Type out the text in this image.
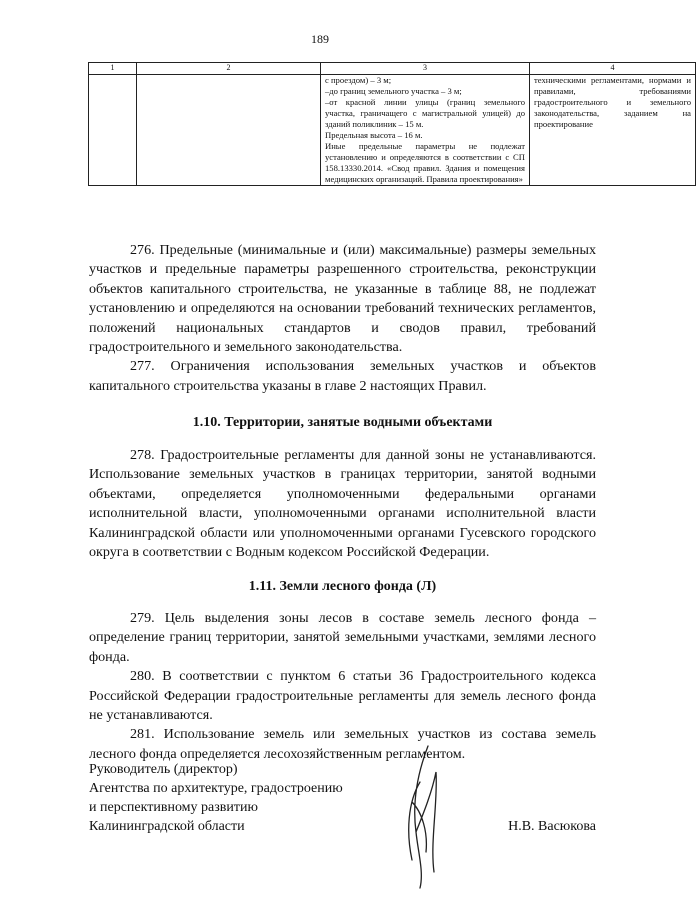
189
1	2	3	4

		с проездом) – 3 м;

–до границ земельного участка – 3 м;

–от красной линии улицы (границ земельного участка, граничащего с магистральной улицей) до зданий поликлиник – 15 м.

Предельная высота – 16 м.

Иные предельные параметры не подлежат установлению и определяются в соответствии с СП 158.13330.2014. «Свод правил. Здания и помещения медицинских организаций. Правила проектирования»	техническими регламентами, нормами и правилами, требованиями градостроительного и земельного законодательства, заданием на проектирование

276. Предельные (минимальные и (или) максимальные) размеры земельных участков и предельные параметры разрешенного строительства, реконструкции объектов капитального строительства, не указанные в таблице 88, не подлежат установлению и определяются на основании требований технических регламентов, положений национальных стандартов и сводов правил, требований градостроительного и земельного законодательства.

277. Ограничения использования земельных участков и объектов капитального строительства указаны в главе 2 настоящих Правил.

1.10. Территории, занятые водными объектами

278. Градостроительные регламенты для данной зоны не устанавливаются. Использование земельных участков в границах территории, занятой водными объектами, определяется уполномоченными федеральными органами исполнительной власти, уполномоченными органами исполнительной власти Калининградской области или уполномоченными органами Гусевского городского округа в соответствии с Водным кодексом Российской Федерации.

1.11. Земли лесного фонда (Л)

279. Цель выделения зоны лесов в составе земель лесного фонда – определение границ территории, занятой земельными участками, землями лесного фонда.

280. В соответствии с пунктом 6 статьи 36 Градостроительного кодекса Российской Федерации градостроительные регламенты для земель лесного фонда не устанавливаются.

281. Использование земель или земельных участков из состава земель лесного фонда определяется лесохозяйственным регламентом.

Руководитель (директор)

Агентства по архитектуре, градостроению

и перспективному развитию

Калининградской области	Н.В. Васюкова
